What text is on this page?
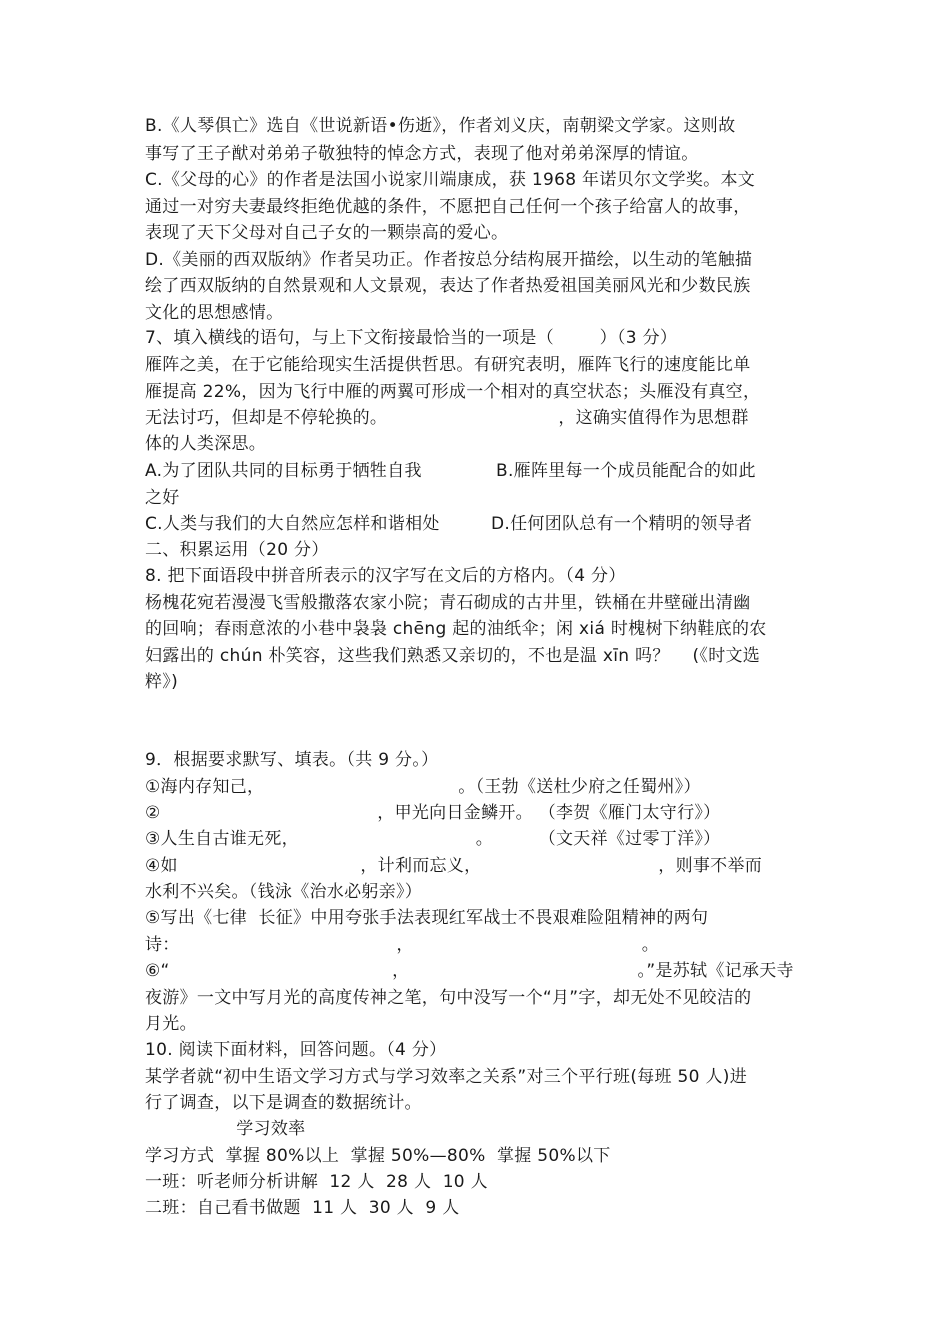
B.《人琴俱亡》选自《世说新语•伤逝》，作者刘义庆，南朝梁文学家。这则故
事写了王子猷对弟弟子敬独特的悼念方式，表现了他对弟弟深厚的情谊。
C.《父母的心》的作者是法国小说家川端康成，获 1968 年诺贝尔文学奖。本文
通过一对穷夫妻最终拒绝优越的条件，不愿把自己任何一个孩子给富人的故事，
表现了天下父母对自己子女的一颗崇高的爱心。
D.《美丽的西双版纳》作者吴功正。作者按总分结构展开描绘，以生动的笔触描
绘了西双版纳的自然景观和人文景观，表达了作者热爱祖国美丽风光和少数民族
文化的思想感情。
7、填入横线的语句，与上下文衔接最恰当的一项是（        ）（3 分）
雁阵之美，在于它能给现实生活提供哲思。有研究表明，雁阵飞行的速度能比单
雁提高 22%，因为飞行中雁的两翼可形成一个相对的真空状态；头雁没有真空，
无法讨巧，但却是不停轮换的。                              ，这确实值得作为思想群
体的人类深思。
A.为了团队共同的目标勇于牺牲自我             B.雁阵里每一个成员能配合的如此
之好
C.人类与我们的大自然应怎样和谐相处         D.任何团队总有一个精明的领导者
二、积累运用（20 分）
8. 把下面语段中拼音所表示的汉字写在文后的方格内。（4 分）
杨槐花宛若漫漫飞雪般撒落农家小院；青石砌成的古井里，铁桶在井壁碰出清幽
的回响；春雨意浓的小巷中袅袅 chēng 起的油纸伞；闲 xiá 时槐树下纳鞋底的农
妇露出的 chún 朴笑容，这些我们熟悉又亲切的，不也是温 xīn 吗？    (《时文选
粹》)
9．根据要求默写、填表。（共 9 分。）
①海内存知己，                                  。（王勃《送杜少府之任蜀州》）
②                                      ，甲光向日金鳞开。 （李贺《雁门太守行》）
③人生自古谁无死，                               。        （文天祥《过零丁洋》）
④如                                ，计利而忘义，                               ，则事不举而
水利不兴矣。（钱泳《治水必躬亲》）
⑤写出《七律  长征》中用夸张手法表现红军战士不畏艰难险阻精神的两句
诗：                                      ，                                        。
⑥“                                       ，                                        。”是苏轼《记承天寺
夜游》一文中写月光的高度传神之笔，句中没写一个“月”字，却无处不见皎洁的
月光。
10. 阅读下面材料，回答问题。（4 分）
某学者就“初中生语文学习方式与学习效率之关系”对三个平行班(每班 50 人)进
行了调查，以下是调查的数据统计。
学习效率
学习方式  掌握 80%以上  掌握 50%—80%  掌握 50%以下
一班：听老师分析讲解  12 人  28 人  10 人
二班：自己看书做题  11 人  30 人  9 人
